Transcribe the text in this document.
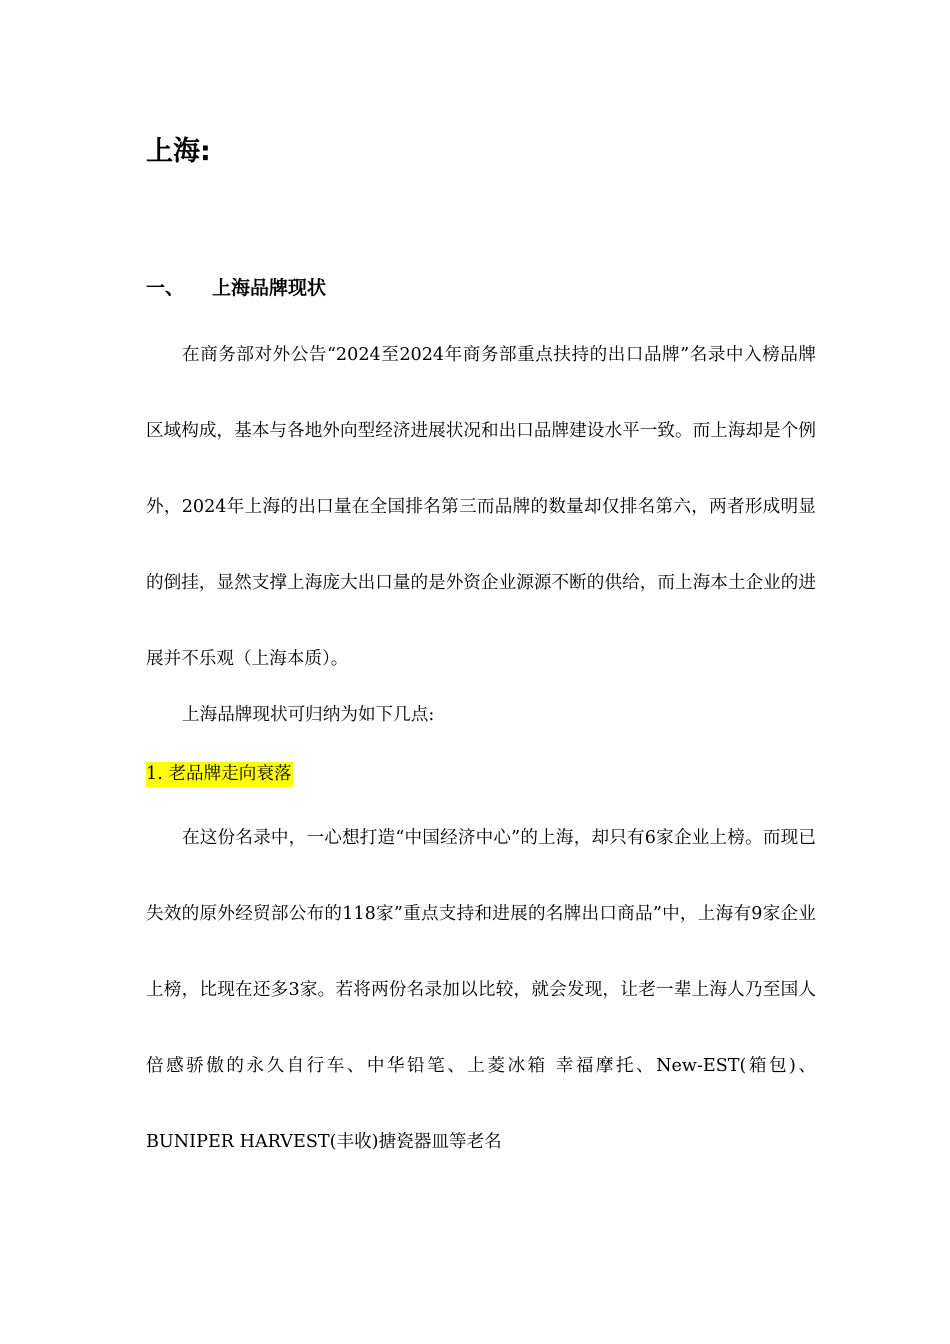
上海:
一、 上海品牌现状

在商务部对外公告“2024至2024年商务部重点扶持的出口品牌”名录中入榜品牌区域构成，基本与各地外向型经济进展状况和出口品牌建设水平一致。而上海却是个例外，2024年上海的出口量在全国排名第三而品牌的数量却仅排名第六，两者形成明显的倒挂，显然支撑上海庞大出口量的是外资企业源源不断的供给，而上海本土企业的进展并不乐观（上海本质）。

上海品牌现状可归纳为如下几点:

1. 老品牌走向衰落

在这份名录中，一心想打造“中国经济中心”的上海，却只有6家企业上榜。而现已失效的原外经贸部公布的118家”重点支持和进展的名牌出口商品”中，上海有9家企业上榜，比现在还多3家。若将两份名录加以比较，就会发现，让老一辈上海人乃至国人倍感骄傲的永久自行车、中华铅笔、上菱冰箱 幸福摩托、New-EST(箱包)、BUNIPER HARVEST(丰收)搪瓷器皿等老名
